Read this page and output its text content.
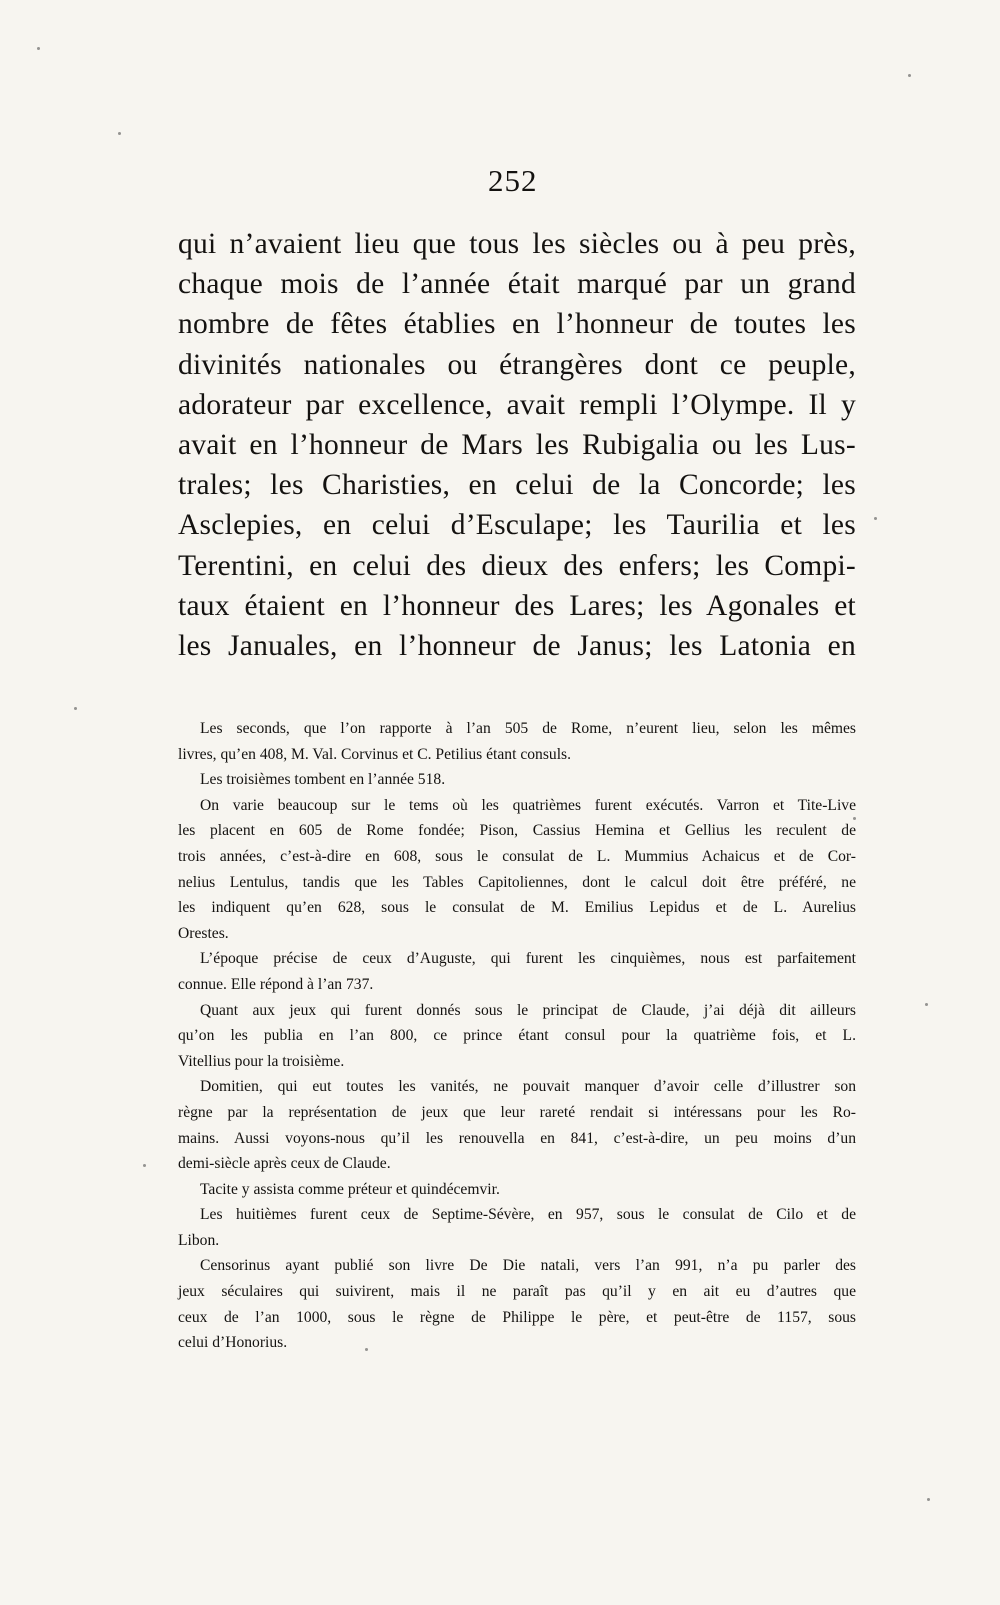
252
qui n’avaient lieu que tous les siècles ou à peu près,
chaque mois de l’année était marqué par un grand
nombre de fêtes établies en l’honneur de toutes les
divinités nationales ou étrangères dont ce peuple,
adorateur par excellence, avait rempli l’Olympe. Il y
avait en l’honneur de Mars les Rubigalia ou les Lus-
trales; les Charisties, en celui de la Concorde; les
Asclepies, en celui d’Esculape; les Taurilia et les
Terentini, en celui des dieux des enfers; les Compi-
taux étaient en l’honneur des Lares; les Agonales et
les Januales, en l’honneur de Janus; les Latonia en
Les seconds, que l’on rapporte à l’an 505 de Rome, n’eurent lieu, selon les mêmes
livres, qu’en 408, M. Val. Corvinus et C. Petilius étant consuls.
Les troisièmes tombent en l’année 518.
On varie beaucoup sur le tems où les quatrièmes furent exécutés. Varron et Tite-Live
les placent en 605 de Rome fondée; Pison, Cassius Hemina et Gellius les reculent de
trois années, c’est-à-dire en 608, sous le consulat de L. Mummius Achaicus et de Cor-
nelius Lentulus, tandis que les Tables Capitoliennes, dont le calcul doit être préféré, ne
les indiquent qu’en 628, sous le consulat de M. Emilius Lepidus et de L. Aurelius
Orestes.
L’époque précise de ceux d’Auguste, qui furent les cinquièmes, nous est parfaitement
connue. Elle répond à l’an 737.
Quant aux jeux qui furent donnés sous le principat de Claude, j’ai déjà dit ailleurs
qu’on les publia en l’an 800, ce prince étant consul pour la quatrième fois, et L.
Vitellius pour la troisième.
Domitien, qui eut toutes les vanités, ne pouvait manquer d’avoir celle d’illustrer son
règne par la représentation de jeux que leur rareté rendait si intéressans pour les Ro-
mains. Aussi voyons-nous qu’il les renouvella en 841, c’est-à-dire, un peu moins d’un
demi-siècle après ceux de Claude.
Tacite y assista comme préteur et quindécemvir.
Les huitièmes furent ceux de Septime-Sévère, en 957, sous le consulat de Cilo et de
Libon.
Censorinus ayant publié son livre De Die natali, vers l’an 991, n’a pu parler des
jeux séculaires qui suivirent, mais il ne paraît pas qu’il y en ait eu d’autres que
ceux de l’an 1000, sous le règne de Philippe le père, et peut-être de 1157, sous
celui d’Honorius.
